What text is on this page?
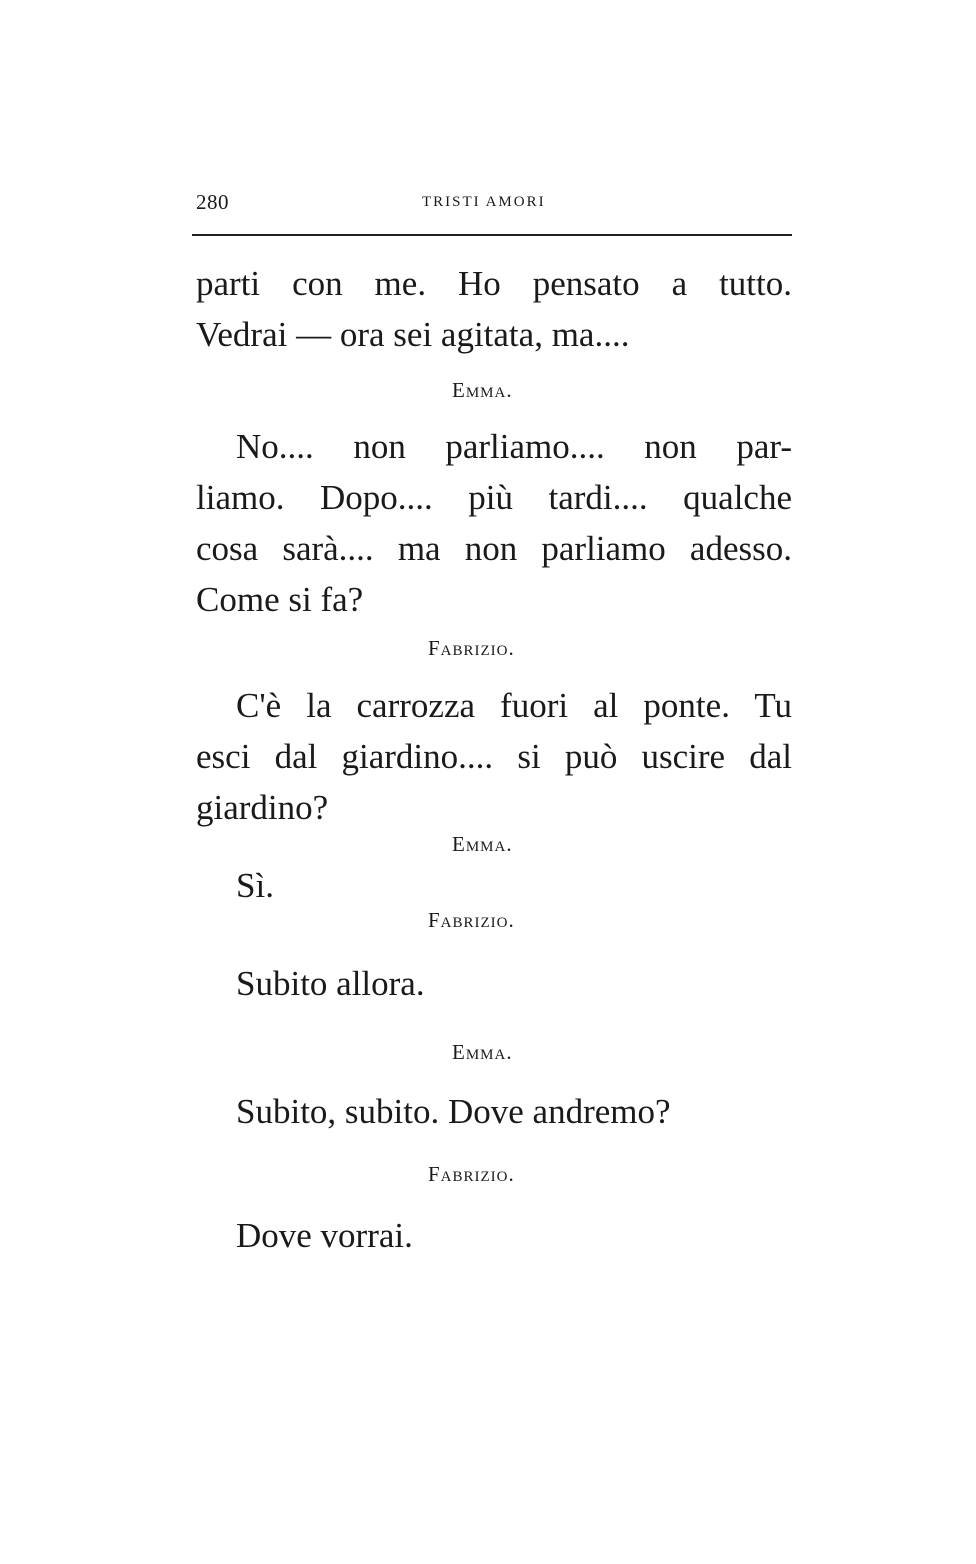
280	TRISTI AMORI
parti con me. Ho pensato a tutto.
Vedrai — ora sei agitata, ma....
Emma.
No.... non parliamo.... non par-
liamo. Dopo.... più tardi.... qualche
cosa sarà.... ma non parliamo adesso.
Come si fa?
Fabrizio.
C'è la carrozza fuori al ponte. Tu
esci dal giardino.... si può uscire dal
giardino?
Emma.
Sì.
Fabrizio.
Subito allora.
Emma.
Subito, subito. Dove andremo?
Fabrizio.
Dove vorrai.
